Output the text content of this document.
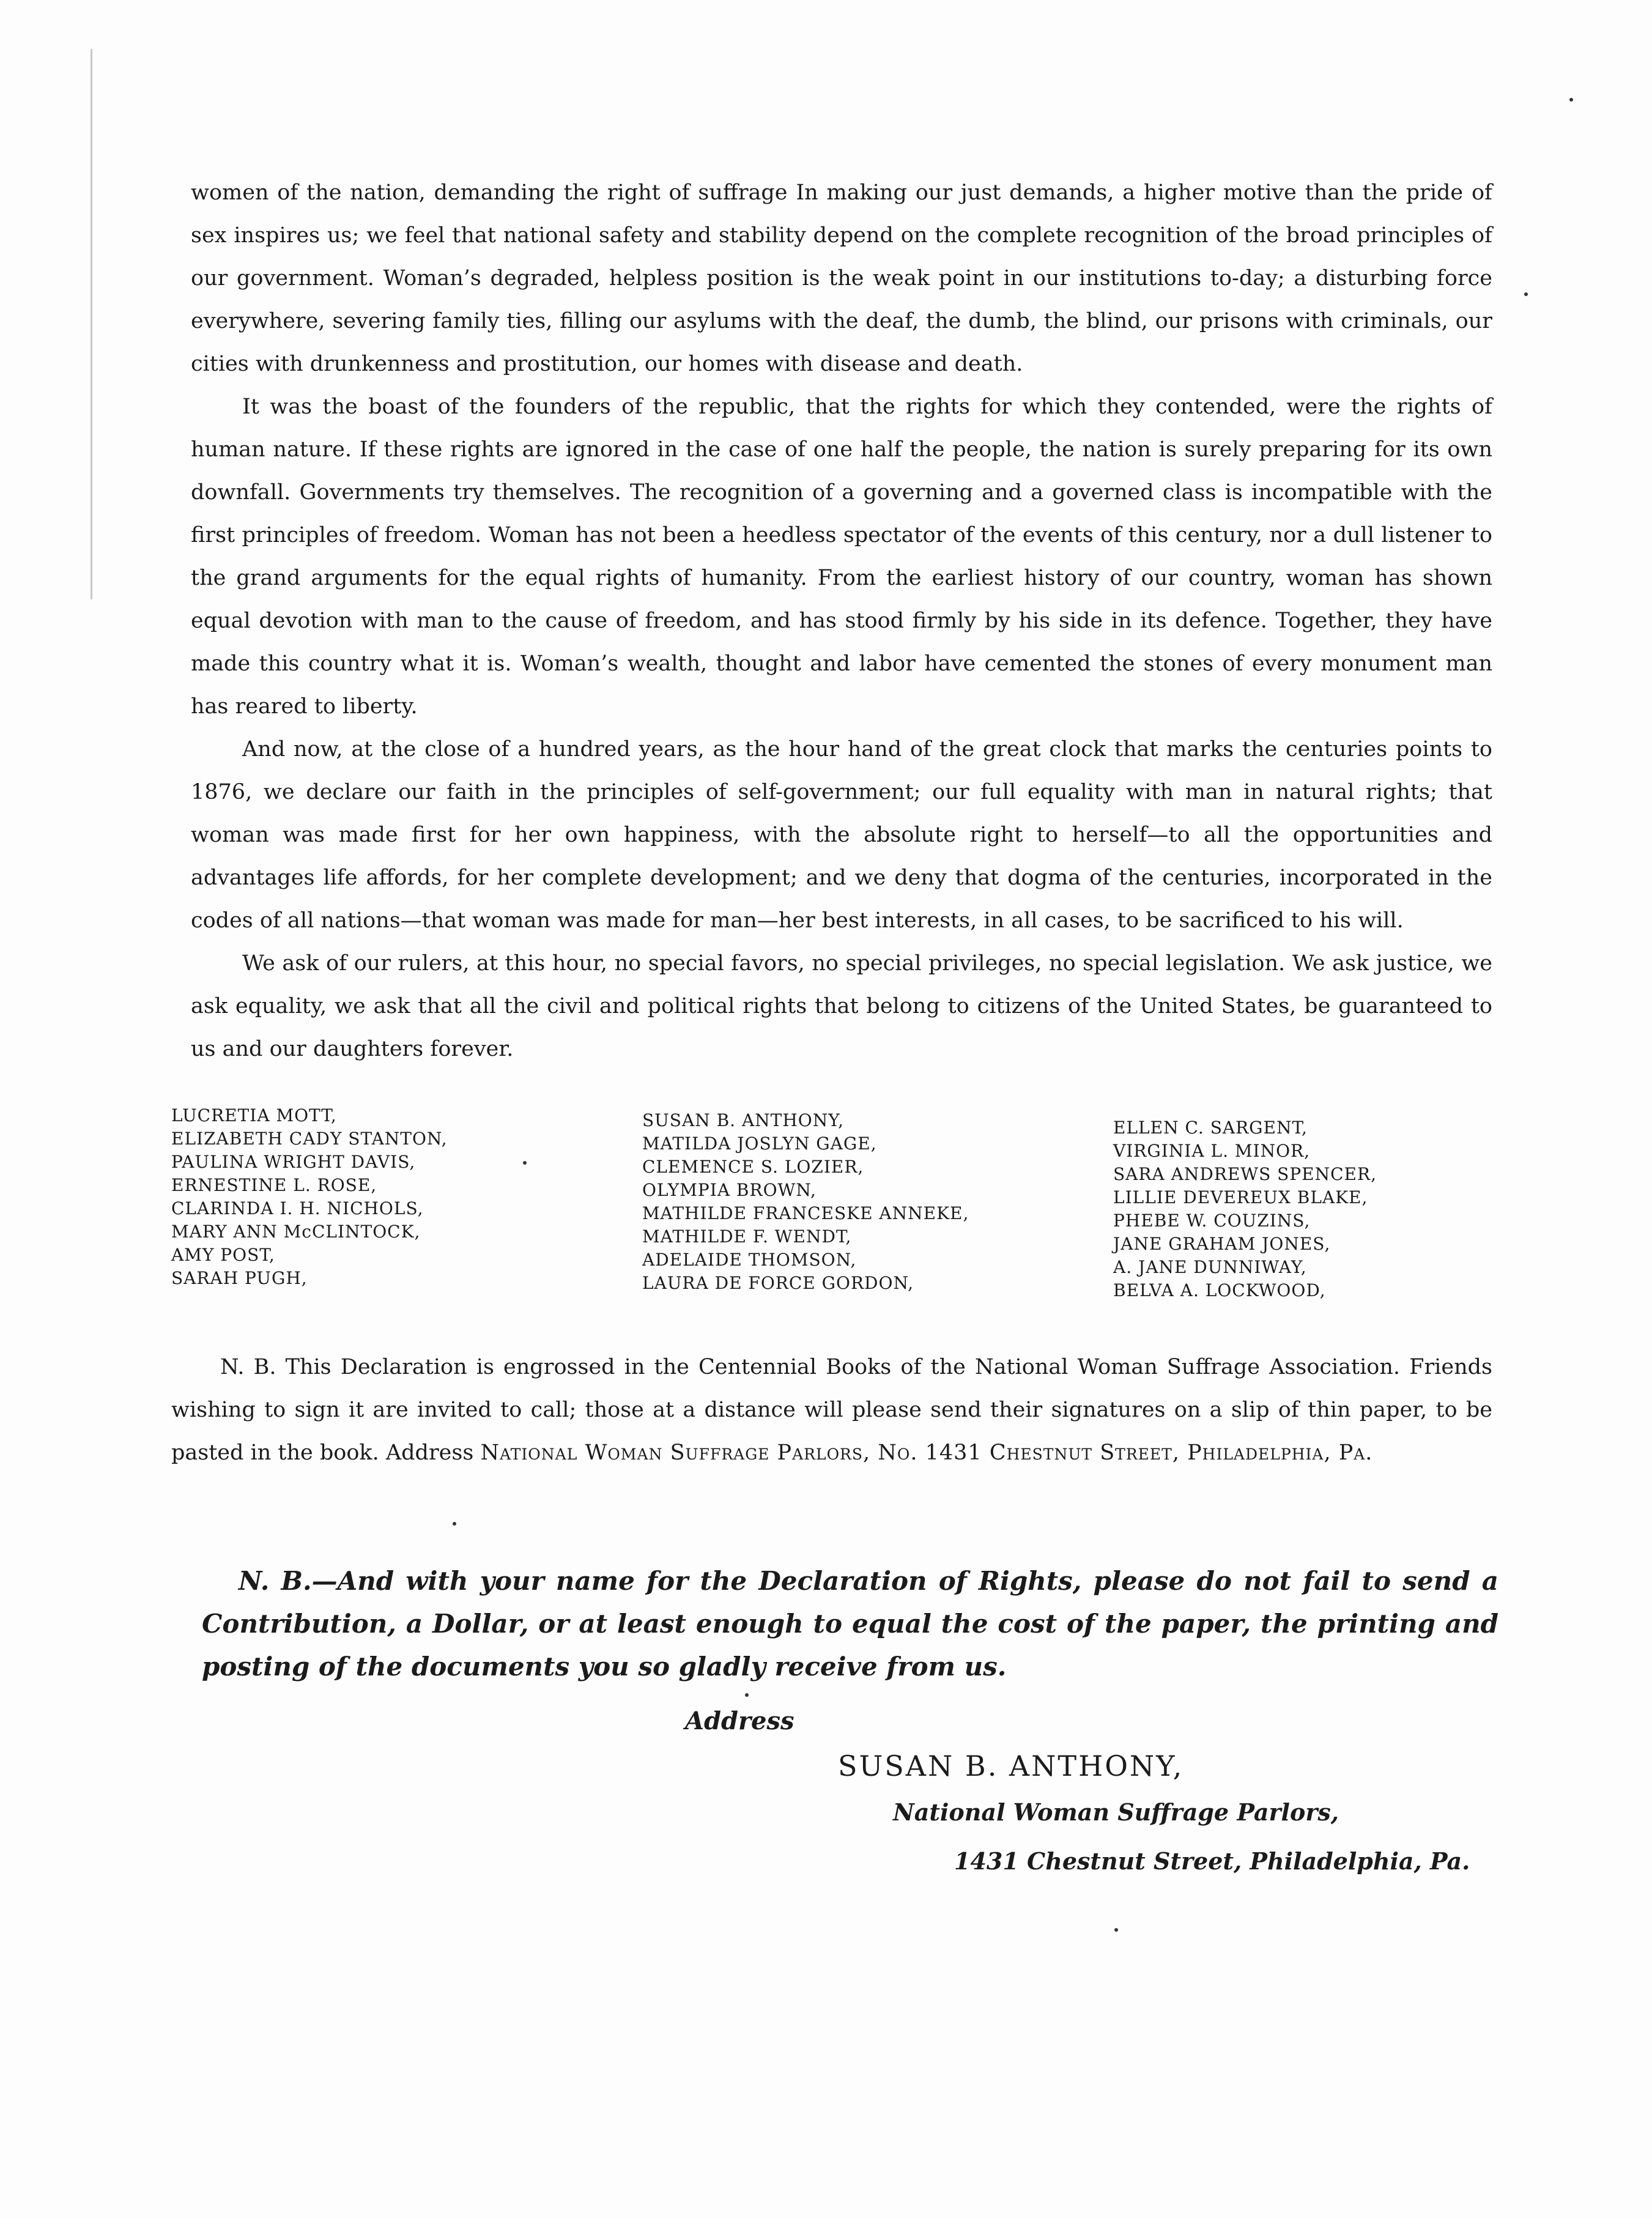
women of the nation, demanding the right of suffrage In making our just demands, a higher motive than the pride of sex inspires us; we feel that national safety and stability depend on the complete recognition of the broad principles of our government. Woman’s degraded, helpless position is the weak point in our institutions to-day; a disturbing force everywhere, severing family ties, filling our asylums with the deaf, the dumb, the blind, our prisons with criminals, our cities with drunkenness and prostitution, our homes with disease and death.

It was the boast of the founders of the republic, that the rights for which they contended, were the rights of human nature. If these rights are ignored in the case of one half the people, the nation is surely preparing for its own downfall. Governments try themselves. The recognition of a governing and a governed class is incompatible with the first principles of freedom. Woman has not been a heedless spectator of the events of this century, nor a dull listener to the grand arguments for the equal rights of humanity. From the earliest history of our country, woman has shown equal devotion with man to the cause of freedom, and has stood firmly by his side in its defence. Together, they have made this country what it is. Woman’s wealth, thought and labor have cemented the stones of every monument man has reared to liberty.

And now, at the close of a hundred years, as the hour hand of the great clock that marks the centuries points to 1876, we declare our faith in the principles of self-government; our full equality with man in natural rights; that woman was made first for her own happiness, with the absolute right to herself—to all the opportunities and advantages life affords, for her complete development; and we deny that dogma of the centuries, incorporated in the codes of all nations—that woman was made for man—her best interests, in all cases, to be sacrificed to his will.

We ask of our rulers, at this hour, no special favors, no special privileges, no special legislation. We ask justice, we ask equality, we ask that all the civil and political rights that belong to citizens of the United States, be guaranteed to us and our daughters forever.

LUCRETIA MOTT,
ELIZABETH CADY STANTON,
PAULINA WRIGHT DAVIS,
ERNESTINE L. ROSE,
CLARINDA I. H. NICHOLS,
MARY ANN McCLINTOCK,
AMY POST,
SARAH PUGH,
SUSAN B. ANTHONY,
MATILDA JOSLYN GAGE,
CLEMENCE S. LOZIER,
OLYMPIA BROWN,
MATHILDE FRANCESKE ANNEKE,
MATHILDE F. WENDT,
ADELAIDE THOMSON,
LAURA DE FORCE GORDON,
ELLEN C. SARGENT,
VIRGINIA L. MINOR,
SARA ANDREWS SPENCER,
LILLIE DEVEREUX BLAKE,
PHEBE W. COUZINS,
JANE GRAHAM JONES,
A. JANE DUNNIWAY,
BELVA A. LOCKWOOD,

N. B. This Declaration is engrossed in the Centennial Books of the National Woman Suffrage Association. Friends wishing to sign it are invited to call; those at a distance will please send their signatures on a slip of thin paper, to be pasted in the book. Address National Woman Suffrage Parlors, No. 1431 Chestnut Street, Philadelphia, Pa.

N. B.—And with your name for the Declaration of Rights, please do not fail to send a Contribution, a Dollar, or at least enough to equal the cost of the paper, the printing and posting of the documents you so gladly receive from us.

Address
SUSAN B. ANTHONY,
National Woman Suffrage Parlors,
1431 Chestnut Street, Philadelphia, Pa.
